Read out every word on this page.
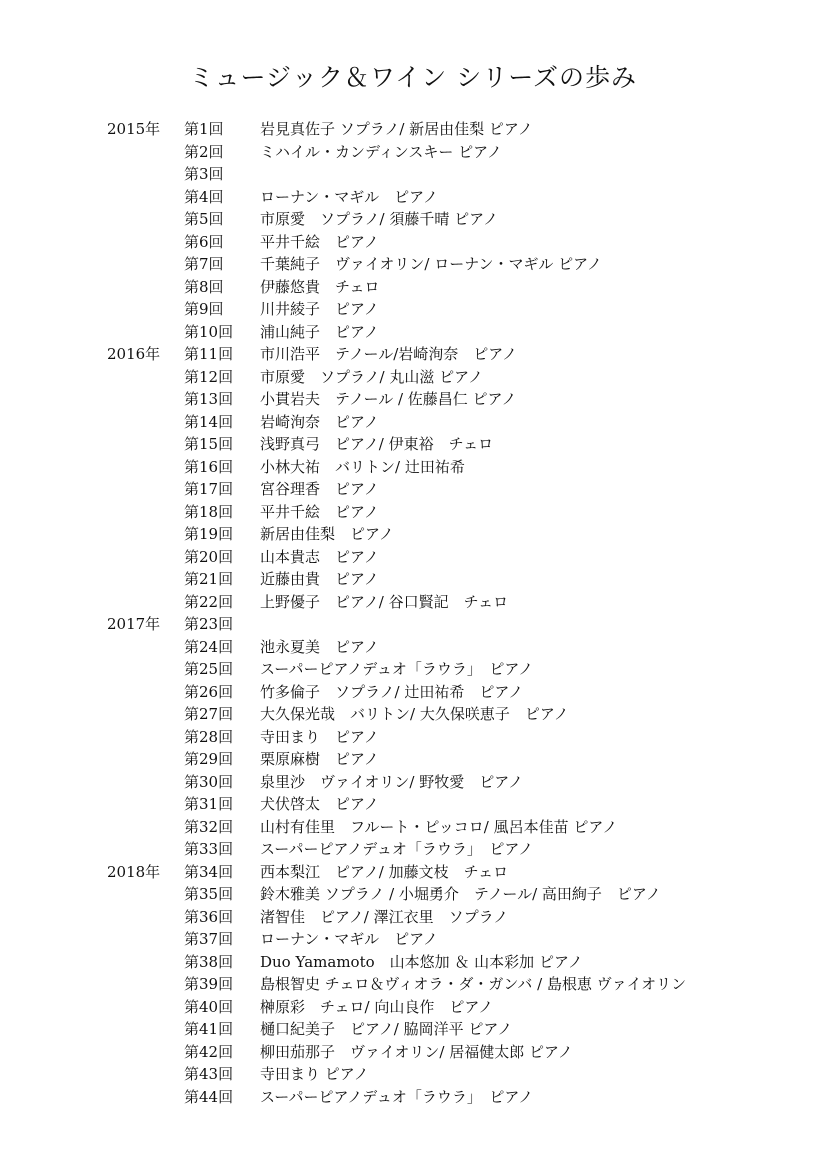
ミュージック＆ワイン シリーズの歩み
2015年 第1回 岩見真佐子 ソプラノ/ 新居由佳梨 ピアノ
第2回 ミハイル・カンディンスキー ピアノ
第3回
第4回 ローナン・マギル　ピアノ
第5回 市原愛　ソプラノ/ 須藤千晴 ピアノ
第6回 平井千絵　ピアノ
第7回 千葉純子　ヴァイオリン/ ローナン・マギル ピアノ
第8回 伊藤悠貴　チェロ
第9回 川井綾子　ピアノ
第10回 浦山純子　ピアノ
2016年 第11回 市川浩平　テノール/岩崎洵奈　ピアノ
第12回 市原愛　ソプラノ/ 丸山滋 ピアノ
第13回 小貫岩夫　テノール / 佐藤昌仁 ピアノ
第14回 岩崎洵奈　ピアノ
第15回 浅野真弓　ピアノ/ 伊東裕　チェロ
第16回 小林大祐　バリトン/ 辻田祐希
第17回 宮谷理香　ピアノ
第18回 平井千絵　ピアノ
第19回 新居由佳梨　ピアノ
第20回 山本貴志　ピアノ
第21回 近藤由貴　ピアノ
第22回 上野優子　ピアノ/ 谷口賢記　チェロ
2017年 第23回
第24回 池永夏美　ピアノ
第25回 スーパーピアノデュオ「ラウラ」　ピアノ
第26回 竹多倫子　ソプラノ/ 辻田祐希　ピアノ
第27回 大久保光哉　バリトン/ 大久保咲恵子　ピアノ
第28回 寺田まり　ピアノ
第29回 栗原麻樹　ピアノ
第30回 泉里沙　ヴァイオリン/ 野牧愛　ピアノ
第31回 犬伏啓太　ピアノ
第32回 山村有佳里　フルート・ピッコロ/ 風呂本佳苗 ピアノ
第33回 スーパーピアノデュオ「ラウラ」　ピアノ
2018年 第34回 西本梨江　ピアノ/ 加藤文枝　チェロ
第35回 鈴木雅美 ソプラノ / 小堀勇介　テノール/ 高田絢子　ピアノ
第36回 渚智佳　ピアノ/ 澤江衣里　ソプラノ
第37回 ローナン・マギル　ピアノ
第38回 Duo Yamamoto　山本悠加 ＆ 山本彩加 ピアノ
第39回 島根智史 チェロ＆ヴィオラ・ダ・ガンバ / 島根恵 ヴァイオリン
第40回 榊原彩　チェロ/ 向山良作　ピアノ
第41回 樋口紀美子　ピアノ/ 脇岡洋平 ピアノ
第42回 柳田茄那子　ヴァイオリン/ 居福健太郎 ピアノ
第43回 寺田まり ピアノ
第44回 スーパーピアノデュオ「ラウラ」　ピアノ
